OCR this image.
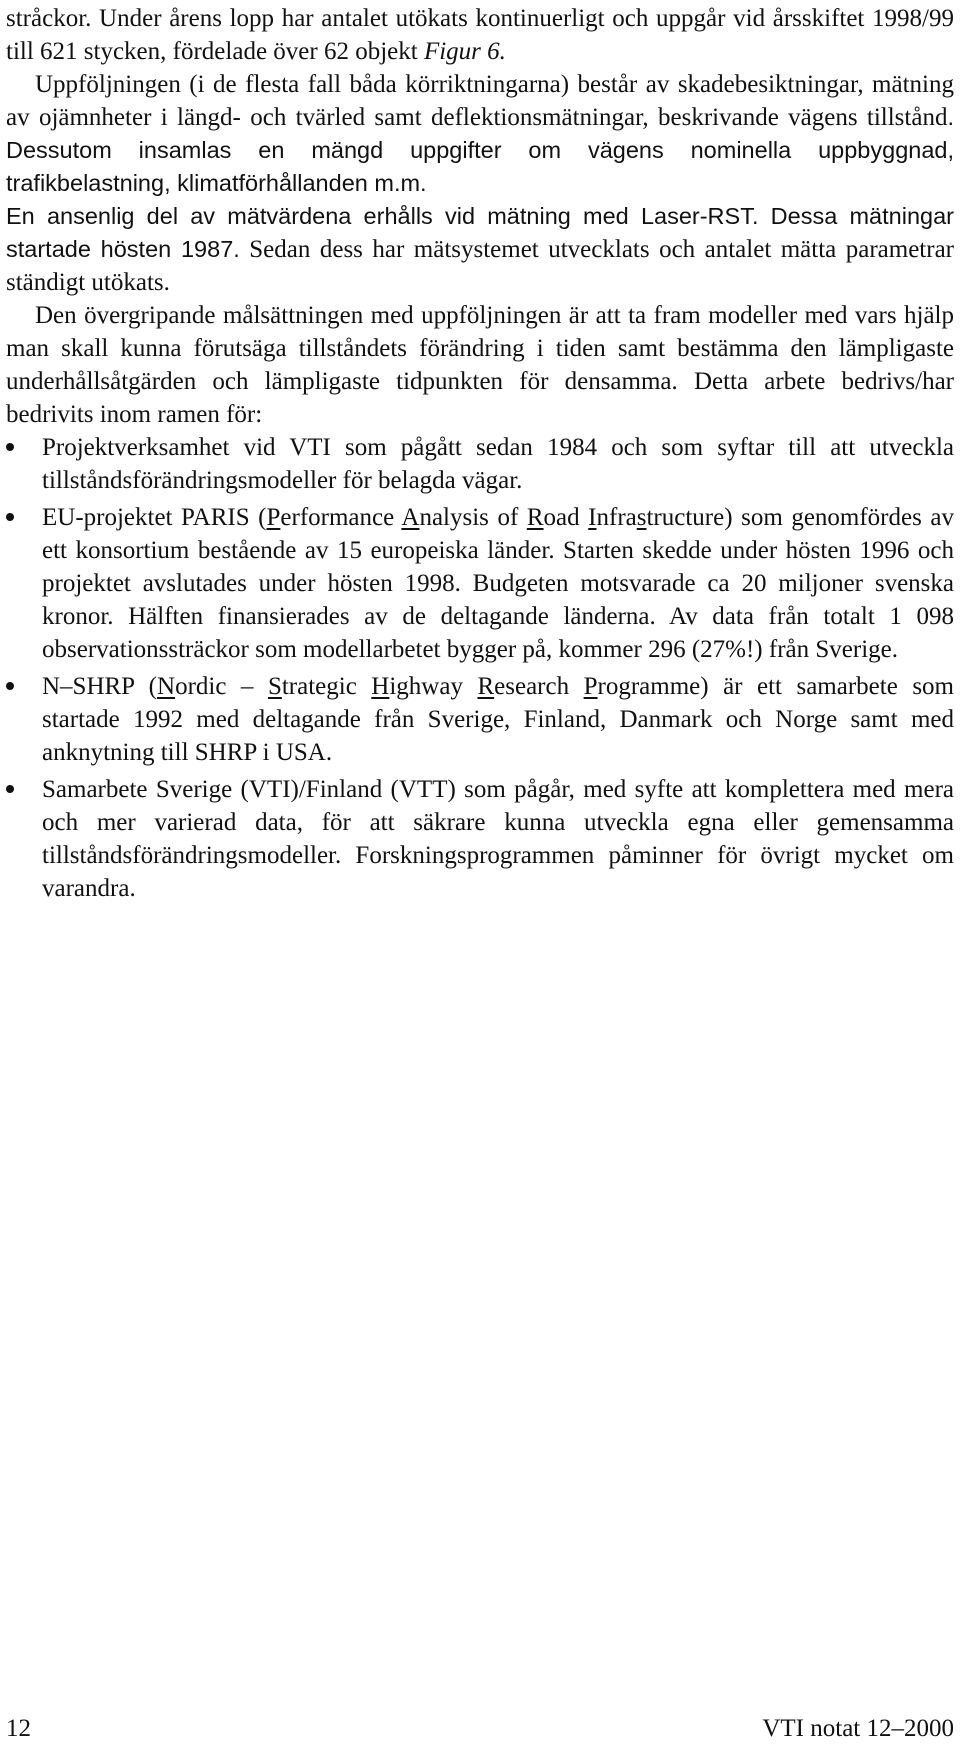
stråckor. Under årens lopp har antalet utökats kontinuerligt och uppgår vid årsskiftet 1998/99 till 621 stycken, fördelade över 62 objekt Figur 6.

Uppföljningen (i de flesta fall båda körriktningarna) består av skadebesiktningar, mätning av ojämnheter i längd- och tvärled samt deflektionsmätningar, beskrivande vägens tillstånd. Dessutom insamlas en mängd uppgifter om vägens nominella uppbyggnad, trafikbelastning, klimatförhållanden m.m.
En ansenlig del av mätvärdena erhålls vid mätning med Laser-RST. Dessa mätningar startade hösten 1987. Sedan dess har mätsystemet utvecklats och antalet mätta parametrar ständigt utökats.

Den övergripande målsättningen med uppföljningen är att ta fram modeller med vars hjälp man skall kunna förutsäga tillståndets förändring i tiden samt bestämma den lämpligaste underhållsåtgärden och lämpligaste tidpunkten för densamma. Detta arbete bedrivs/har bedrivits inom ramen för:

Projektverksamhet vid VTI som pågått sedan 1984 och som syftar till att utveckla tillståndsförändringsmodeller för belagda vägar.
EU-projektet PARIS (Performance Analysis of Road Infrastructure) som genomfördes av ett konsortium bestående av 15 europeiska länder. Starten skedde under hösten 1996 och projektet avslutades under hösten 1998. Budgeten motsvarade ca 20 miljoner svenska kronor. Hälften finansierades av de deltagande länderna. Av data från totalt 1 098 observationssträckor som modellarbetet bygger på, kommer 296 (27%!) från Sverige.
N–SHRP (Nordic – Strategic Highway Research Programme) är ett samarbete som startade 1992 med deltagande från Sverige, Finland, Danmark och Norge samt med anknytning till SHRP i USA.
Samarbete Sverige (VTI)/Finland (VTT) som pågår, med syfte att komplettera med mera och mer varierad data, för att säkrare kunna utveckla egna eller gemensamma tillståndsförändringsmodeller. Forskningsprogrammen påminner för övrigt mycket om varandra.
12	VTI notat 12–2000
